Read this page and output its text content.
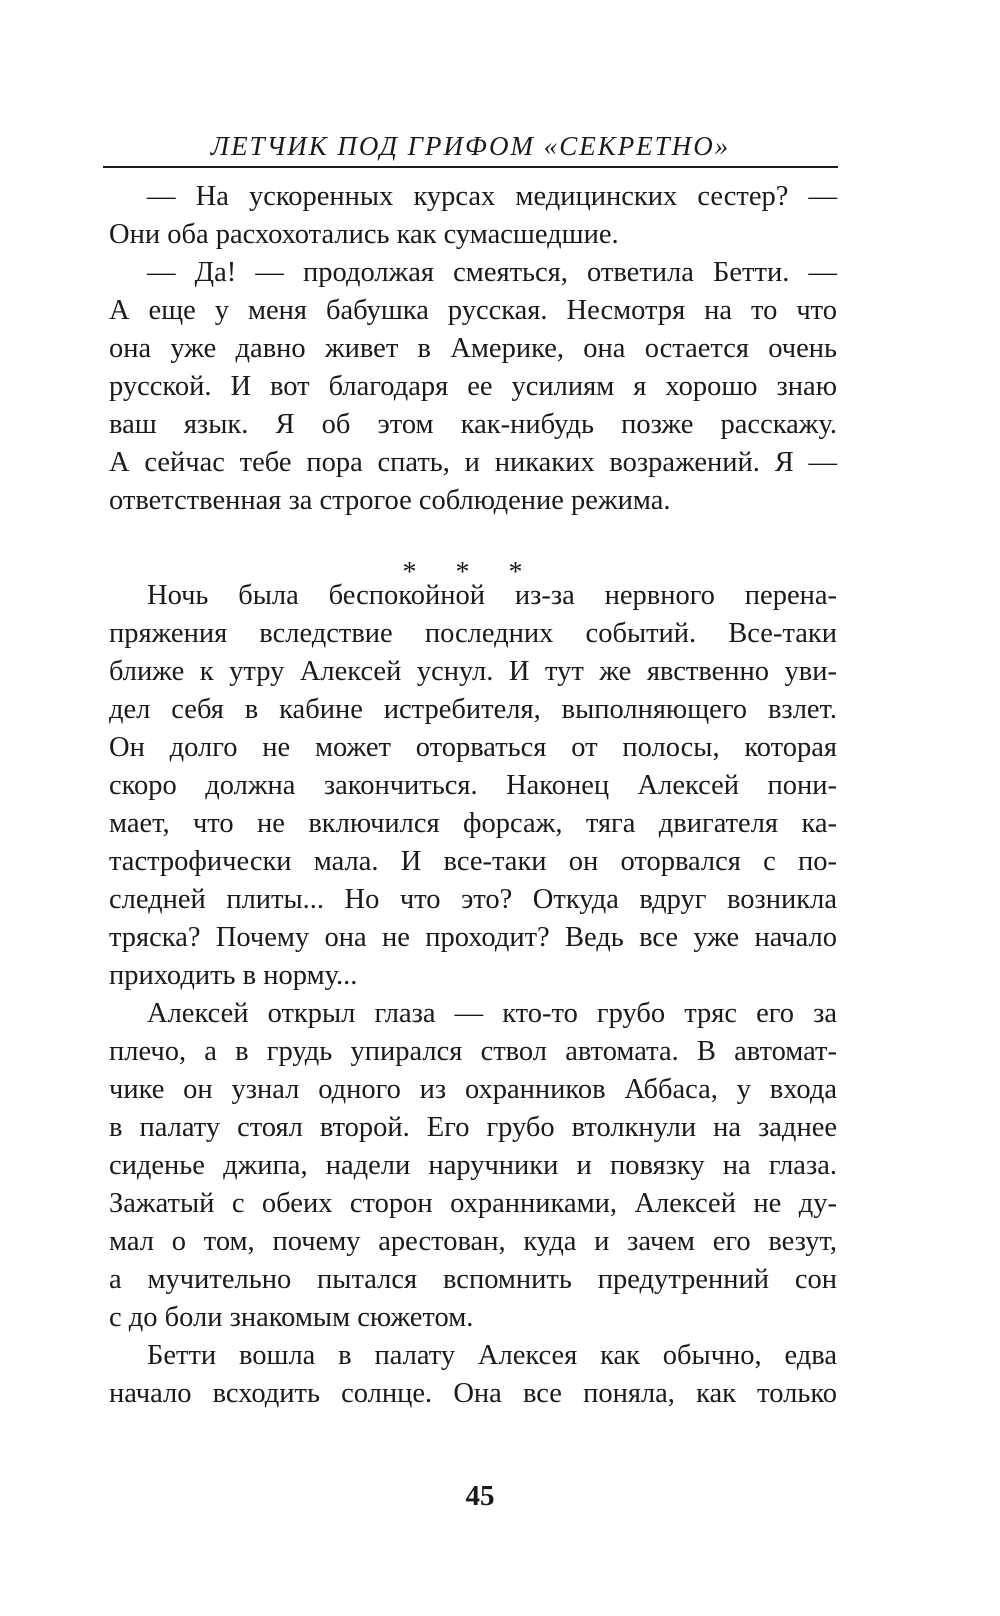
ЛЕТЧИК ПОД ГРИФОМ «СЕКРЕТНО»
— На ускоренных курсах медицинских сестер? —
Они оба расхохотались как сумасшедшие.
— Да! — продолжая смеяться, ответила Бетти. —
А еще у меня бабушка русская. Несмотря на то что
она уже давно живет в Америке, она остается очень
русской. И вот благодаря ее усилиям я хорошо знаю
ваш язык. Я об этом как-нибудь позже расскажу.
А сейчас тебе пора спать, и никаких возражений. Я —
ответственная за строгое соблюдение режима.
* * *
Ночь была беспокойной из-за нервного перена-
пряжения вследствие последних событий. Все-таки
ближе к утру Алексей уснул. И тут же явственно уви-
дел себя в кабине истребителя, выполняющего взлет.
Он долго не может оторваться от полосы, которая
скоро должна закончиться. Наконец Алексей пони-
мает, что не включился форсаж, тяга двигателя ка-
тастрофически мала. И все-таки он оторвался с по-
следней плиты... Но что это? Откуда вдруг возникла
тряска? Почему она не проходит? Ведь все уже начало
приходить в норму...
Алексей открыл глаза — кто-то грубо тряс его за
плечо, а в грудь упирался ствол автомата. В автомат-
чике он узнал одного из охранников Аббаса, у входа
в палату стоял второй. Его грубо втолкнули на заднее
сиденье джипа, надели наручники и повязку на глаза.
Зажатый с обеих сторон охранниками, Алексей не ду-
мал о том, почему арестован, куда и зачем его везут,
а мучительно пытался вспомнить предутренний сон
с до боли знакомым сюжетом.
Бетти вошла в палату Алексея как обычно, едва
начало всходить солнце. Она все поняла, как только
45
